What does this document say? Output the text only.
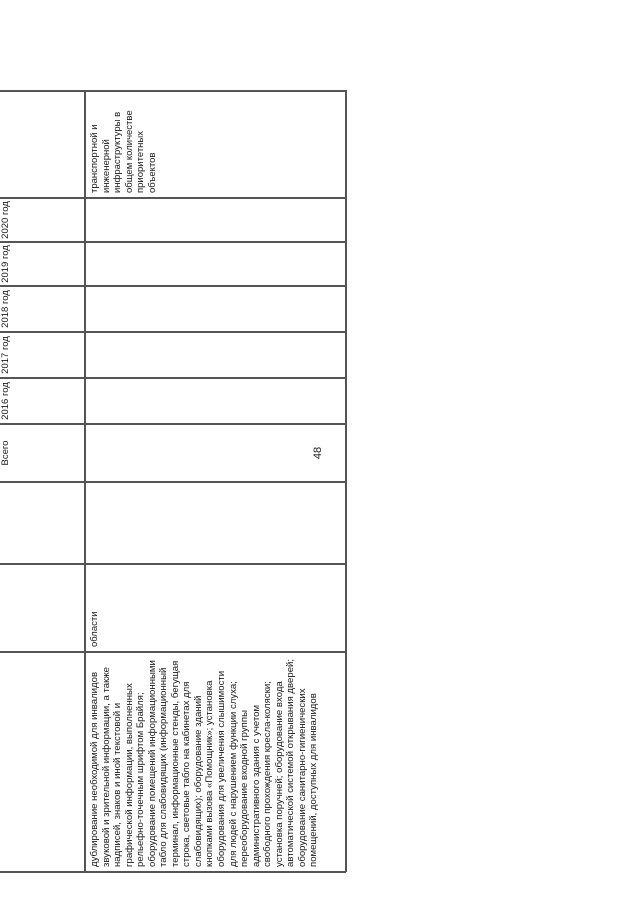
48
Всего
2016 год
2017 год
2018 год
2019 год
2020 год
дублирование необходимой для инвалидов звуковой и зрительной информации, а также надписей, знаков и иной текстовой и графической информации, выполненных рельефно-точечным шрифтом Брайля; оборудование помещений информационными табло для слабовидящих (информационный терминал, информационные стенды, бегущая строка, световые табло на кабинетах для слабовидящих); оборудование зданий кнопками вызова «Помощник»; установка оборудования для увеличения слышимости для людей с нарушением функции слуха; переоборудование входной группы административного здания с учетом свободного прохождения кресла-коляски; установка поручней; оборудование входа автоматической системой открывания дверей; оборудование санитарно-гигиенических помещений, доступных для инвалидов
области
транспортной и инженерной инфраструктуры в общем количестве приоритетных объектов
